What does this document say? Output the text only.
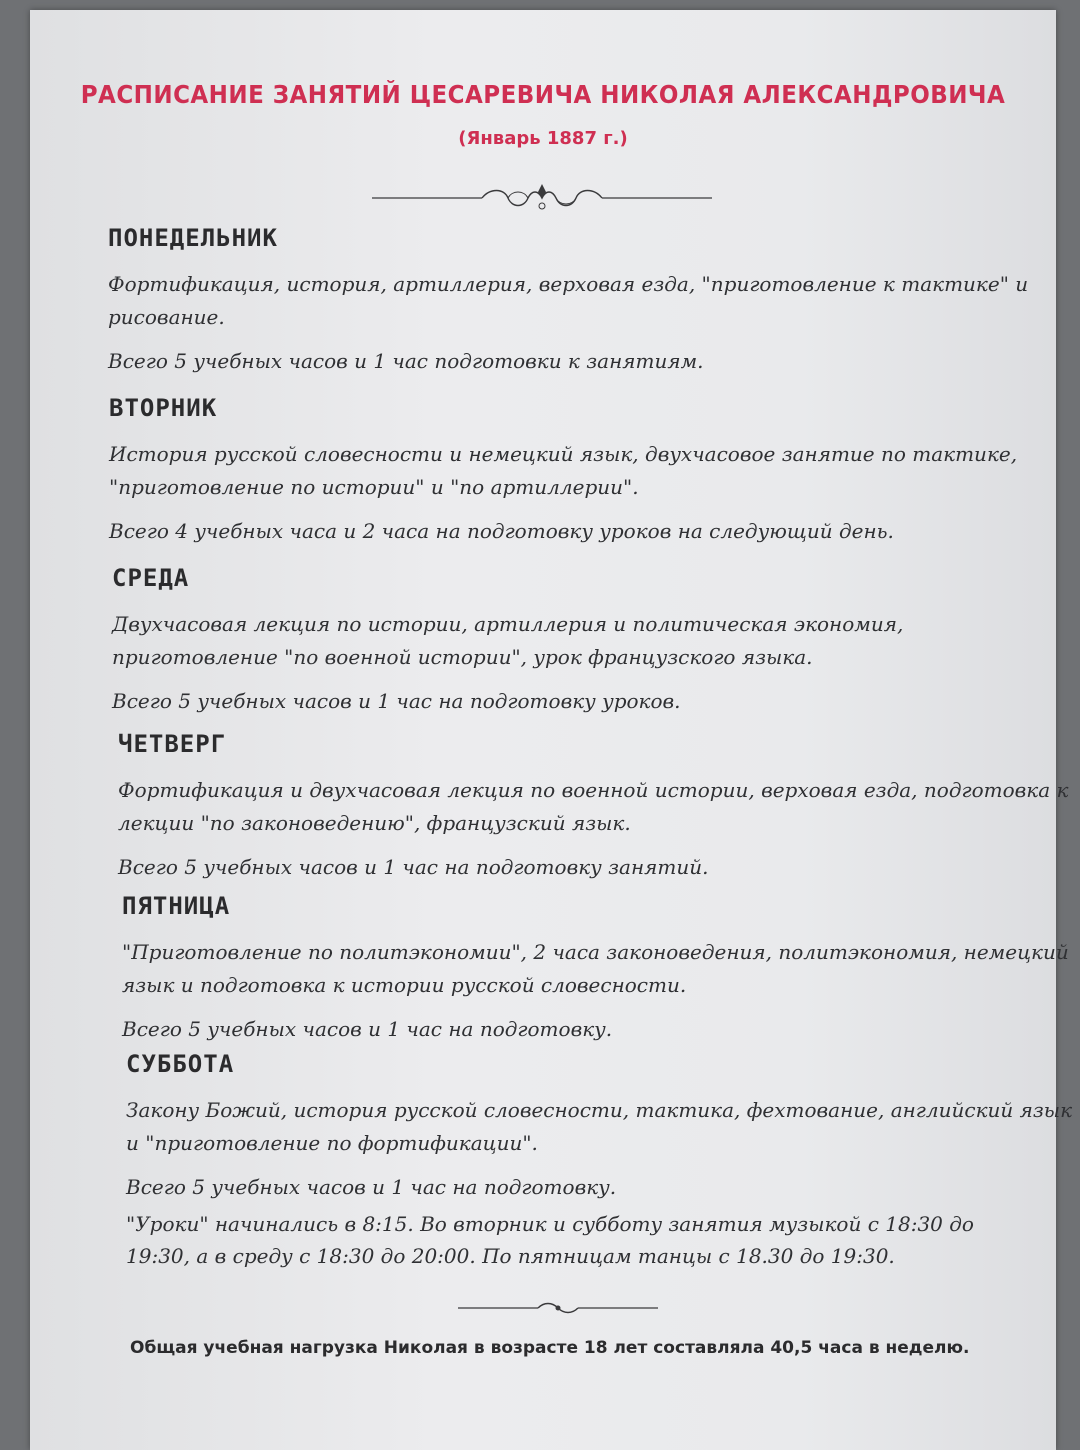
РАСПИСАНИЕ ЗАНЯТИЙ ЦЕСАРЕВИЧА НИКОЛАЯ АЛЕКСАНДРОВИЧА
(Январь 1887 г.)
ПОНЕДЕЛЬНИК
Фортификация, история, артиллерия, верховая езда, "приготовление к тактике" и рисование.
Всего 5 учебных часов и 1 час подготовки к занятиям.
ВТОРНИК
История русской словесности и немецкий язык, двухчасовое занятие по тактике, "приготовление по истории" и "по артиллерии".
Всего 4 учебных часа и 2 часа на подготовку уроков на следующий день.
СРЕДА
Двухчасовая лекция по истории, артиллерия и политическая экономия, приготовление "по военной истории", урок французского языка.
Всего 5 учебных часов и 1 час на подготовку уроков.
ЧЕТВЕРГ
Фортификация и двухчасовая лекция по военной истории, верховая езда, подготовка к лекции "по законоведению", французский язык.
Всего 5 учебных часов и 1 час на подготовку занятий.
ПЯТНИЦА
"Приготовление по политэкономии", 2 часа законоведения, политэкономия, немецкий язык и подготовка к истории русской словесности.
Всего 5 учебных часов и 1 час на подготовку.
СУББОТА
Закону Божий, история русской словесности, тактика, фехтование, английский язык и "приготовление по фортификации".
Всего 5 учебных часов и 1 час на подготовку.
"Уроки" начинались в 8:15. Во вторник и субботу занятия музыкой с 18:30 до 19:30, а в среду с 18:30 до 20:00. По пятницам танцы с 18.30 до 19:30.
Общая учебная нагрузка Николая в возрасте 18 лет составляла 40,5 часа в неделю.
